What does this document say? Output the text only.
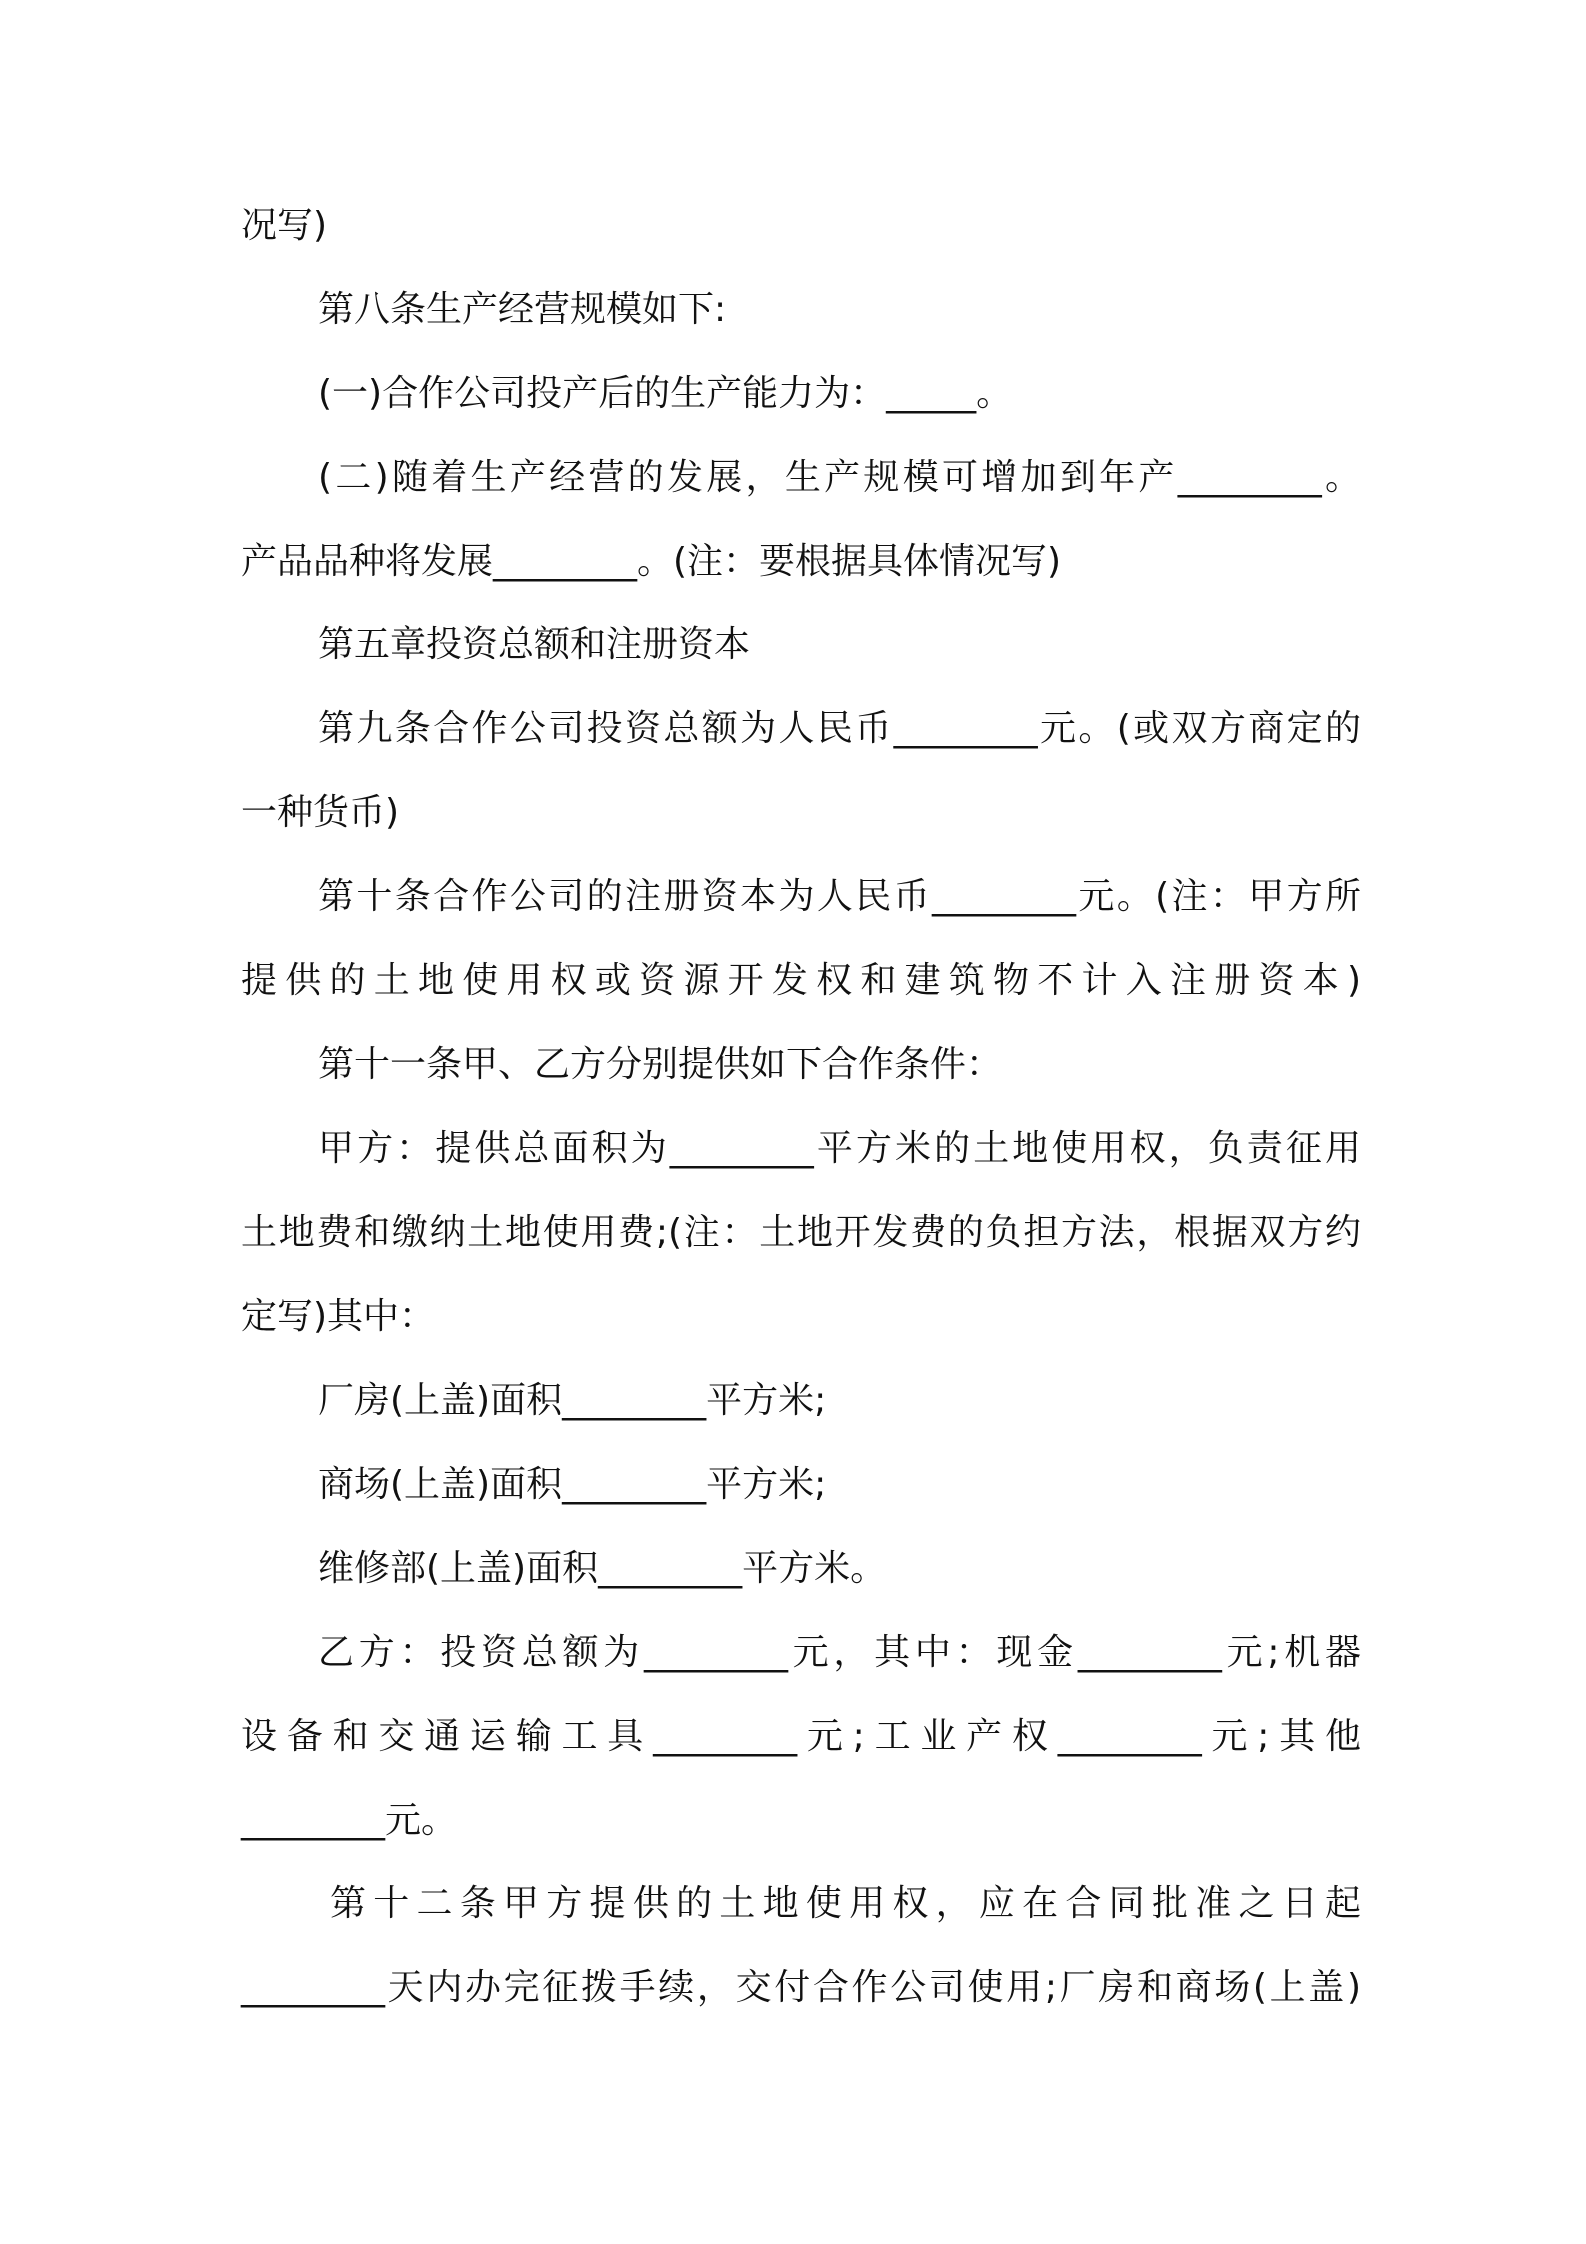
况写)
第八条生产经营规模如下:
(一)合作公司投产后的生产能力为：_____。
(二)随着生产经营的发展，生产规模可增加到年产________。
产品品种将发展________。(注：要根据具体情况写)
第五章投资总额和注册资本
第九条合作公司投资总额为人民币________元。(或双方商定的
一种货币)
第十条合作公司的注册资本为人民币________元。(注：甲方所
提供的土地使用权或资源开发权和建筑物不计入注册资本)
第十一条甲、乙方分别提供如下合作条件：
甲方：提供总面积为________平方米的土地使用权，负责征用
土地费和缴纳土地使用费;(注：土地开发费的负担方法，根据双方约
定写)其中：
厂房(上盖)面积________平方米;
商场(上盖)面积________平方米;
维修部(上盖)面积________平方米。
乙方：投资总额为________元，其中：现金________元;机器
设备和交通运输工具________元;工业产权________元;其他
________元。
第十二条甲方提供的土地使用权，应在合同批准之日起
________天内办完征拨手续，交付合作公司使用;厂房和商场(上盖)
